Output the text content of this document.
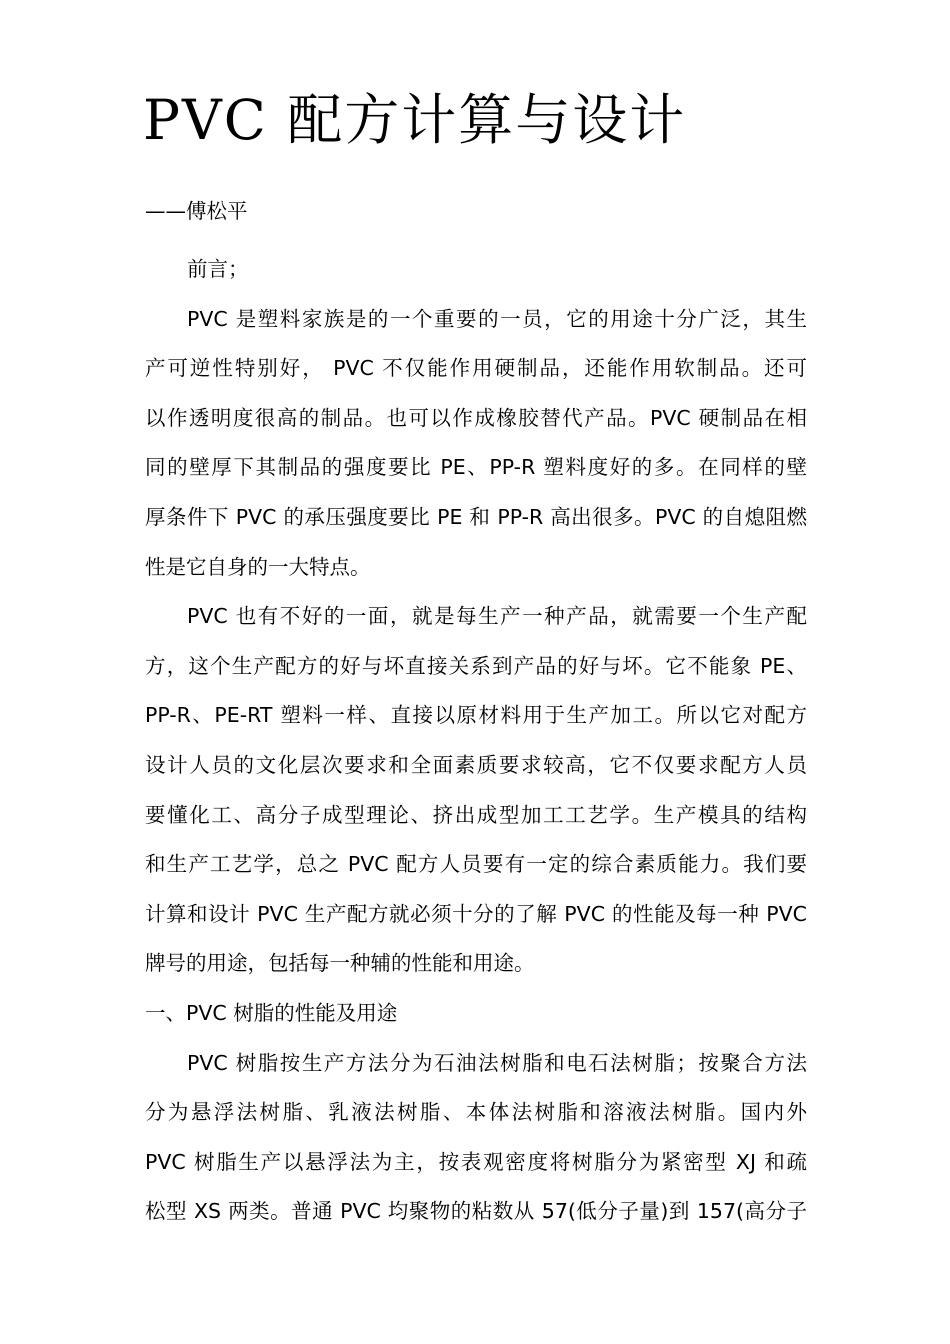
PVC 配方计算与设计

——傅松平

前言；
PVC 是塑料家族是的一个重要的一员，它的用途十分广泛，其生
产可逆性特别好， PVC 不仅能作用硬制品，还能作用软制品。还可
以作透明度很高的制品。也可以作成橡胶替代产品。PVC 硬制品在相
同的壁厚下其制品的强度要比 PE、PP-R 塑料度好的多。在同样的壁
厚条件下 PVC 的承压强度要比 PE 和 PP-R 高出很多。PVC 的自熄阻燃
性是它自身的一大特点。
PVC 也有不好的一面，就是每生产一种产品，就需要一个生产配
方，这个生产配方的好与坏直接关系到产品的好与坏。它不能象 PE、
PP-R、PE-RT 塑料一样、直接以原材料用于生产加工。所以它对配方
设计人员的文化层次要求和全面素质要求较高，它不仅要求配方人员
要懂化工、高分子成型理论、挤出成型加工工艺学。生产模具的结构
和生产工艺学，总之 PVC 配方人员要有一定的综合素质能力。我们要
计算和设计 PVC 生产配方就必须十分的了解 PVC 的性能及每一种 PVC
牌号的用途，包括每一种辅的性能和用途。
一、PVC 树脂的性能及用途
PVC 树脂按生产方法分为石油法树脂和电石法树脂；按聚合方法
分为悬浮法树脂、乳液法树脂、本体法树脂和溶液法树脂。国内外
PVC 树脂生产以悬浮法为主，按表观密度将树脂分为紧密型 XJ 和疏
松型 XS 两类。普通 PVC 均聚物的粘数从 57(低分子量)到 157(高分子
